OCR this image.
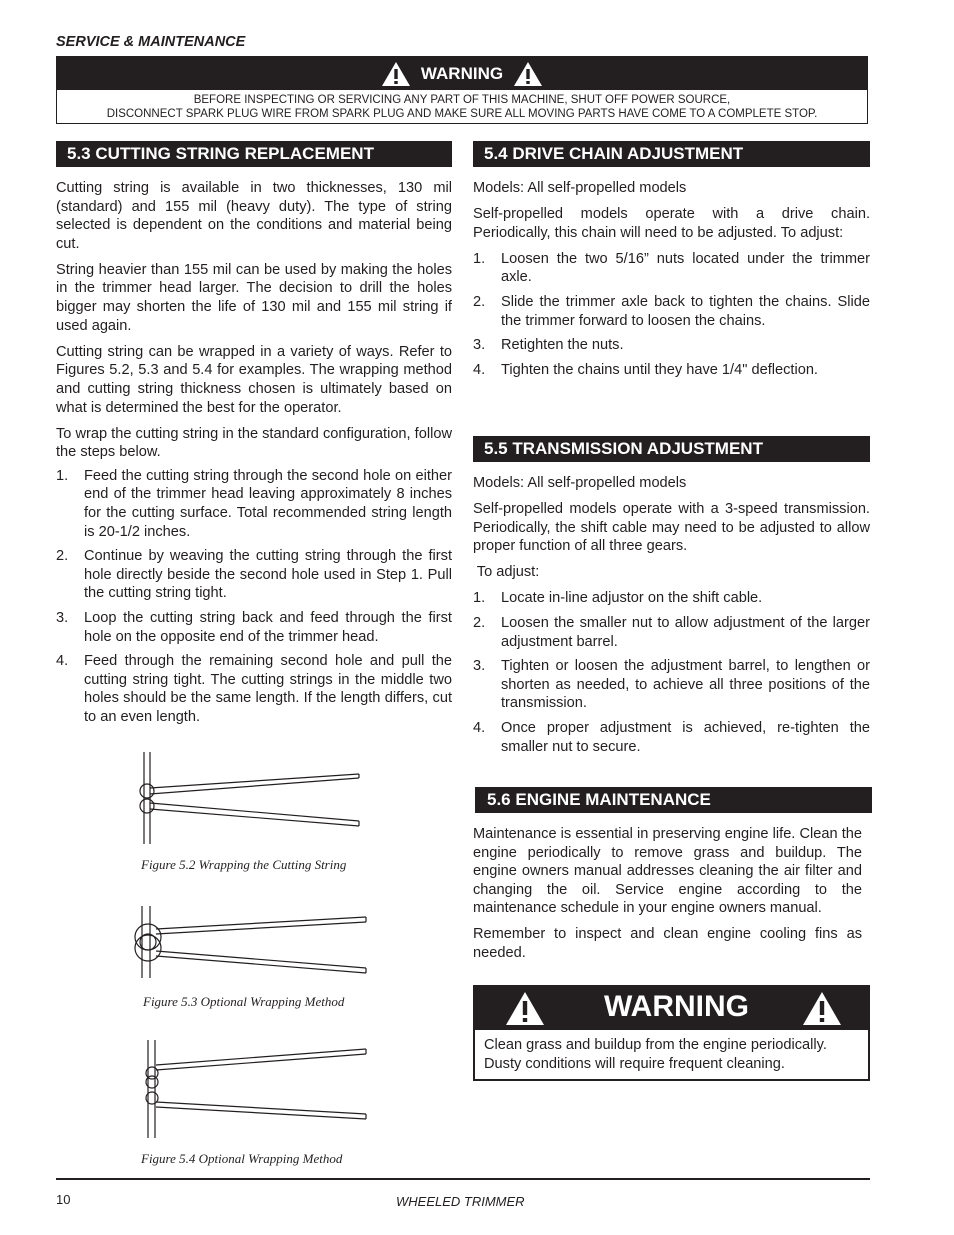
SERVICE & MAINTENANCE
WARNING
BEFORE INSPECTING OR SERVICING ANY PART OF THIS MACHINE, SHUT OFF POWER SOURCE,
DISCONNECT SPARK PLUG WIRE FROM SPARK PLUG AND MAKE SURE ALL MOVING PARTS HAVE COME TO A COMPLETE STOP.
5.3 CUTTING STRING REPLACEMENT

Cutting string is available in two thicknesses, 130 mil (standard) and 155 mil (heavy duty). The type of string selected is dependent on the conditions and material being cut.

String heavier than 155 mil can be used by making the holes in the trimmer head larger. The decision to drill the holes bigger may shorten the life of 130 mil and 155 mil string if used again.

Cutting string can be wrapped in a variety of ways. Refer to Figures 5.2, 5.3 and 5.4 for examples. The wrapping method and cutting string thickness chosen is ultimately based on what is determined the best for the operator.

To wrap the cutting string in the standard configuration, follow the steps below.

1. Feed the cutting string through the second hole on either end of the trimmer head leaving approximately 8 inches for the cutting surface. Total recommended string length is 20-1/2 inches.
2. Continue by weaving the cutting string through the first hole directly beside the second hole used in Step 1. Pull the cutting string tight.
3. Loop the cutting string back and feed through the first hole on the opposite end of the trimmer head.
4. Feed through the remaining second hole and pull the cutting string tight. The cutting strings in the middle two holes should be the same length. If the length differs, cut to an even length.
Figure 5.2 Wrapping the Cutting String
Figure 5.3 Optional Wrapping Method
Figure 5.4 Optional Wrapping Method
5.4 DRIVE CHAIN ADJUSTMENT

Models: All self-propelled models

Self-propelled models operate with a drive chain. Periodically, this chain will need to be adjusted. To adjust:

1. Loosen the two 5/16” nuts located under the trimmer axle.
2. Slide the trimmer axle back to tighten the chains. Slide the trimmer forward to loosen the chains.
3. Retighten the nuts.
4. Tighten the chains until they have 1/4" deflection.
5.5 TRANSMISSION ADJUSTMENT

Models: All self-propelled models

Self-propelled models operate with a 3-speed transmission. Periodically, the shift cable may need to be adjusted to allow proper function of all three gears.

To adjust:

1. Locate in-line adjustor on the shift cable.
2. Loosen the smaller nut to allow adjustment of the larger adjustment barrel.
3. Tighten or loosen the adjustment barrel, to lengthen or shorten as needed, to achieve all three positions of the transmission.
4. Once proper adjustment is achieved, re-tighten the smaller nut to secure.
5.6 ENGINE MAINTENANCE

Maintenance is essential in preserving engine life. Clean the engine periodically to remove grass and buildup. The engine owners manual addresses cleaning the air filter and changing the oil. Service engine according to the maintenance schedule in your engine owners manual.

Remember to inspect and clean engine cooling fins as needed.

WARNING
Clean grass and buildup from the engine periodically. Dusty conditions will require frequent cleaning.
10	WHEELED TRIMMER
